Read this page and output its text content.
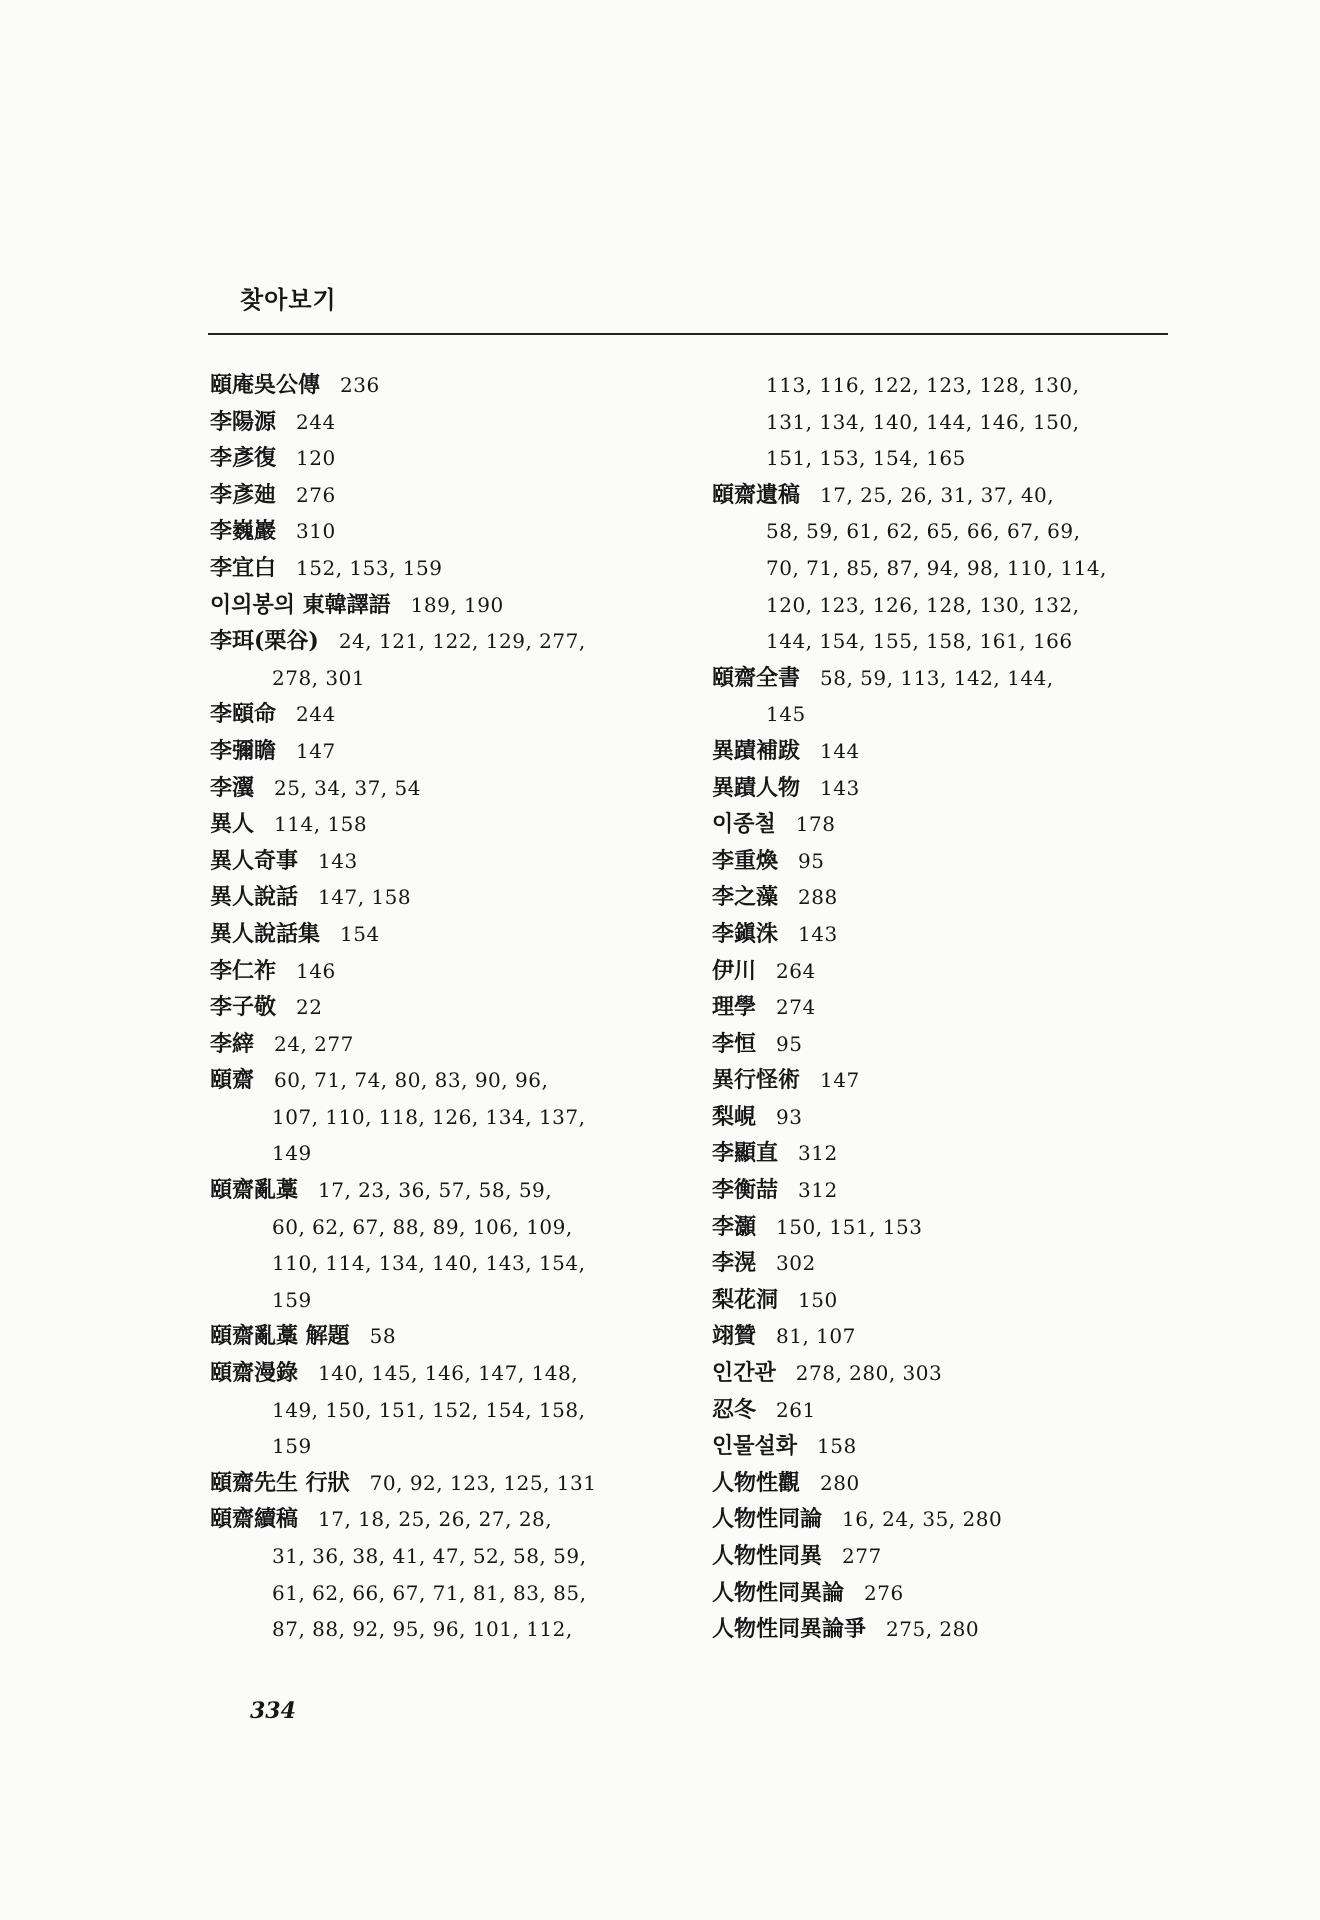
찾아보기
頤庵吳公傳 236
李陽源 244
李彥復 120
李彥廸 276
李巍巖 310
李宜白 152, 153, 159
이의봉의 東韓譯語 189, 190
李珥(栗谷) 24, 121, 122, 129, 277,
278, 301
李頤命 244
李彌瞻 147
李瀷 25, 34, 37, 54
異人 114, 158
異人奇事 143
異人說話 147, 158
異人說話集 154
李仁祚 146
李子敬 22
李縡 24, 277
頤齋 60, 71, 74, 80, 83, 90, 96,
107, 110, 118, 126, 134, 137,
149
頤齋亂藁 17, 23, 36, 57, 58, 59,
60, 62, 67, 88, 89, 106, 109,
110, 114, 134, 140, 143, 154,
159
頤齋亂藁 解題 58
頤齋漫錄 140, 145, 146, 147, 148,
149, 150, 151, 152, 154, 158,
159
頤齋先生 行狀 70, 92, 123, 125, 131
頤齋續稿 17, 18, 25, 26, 27, 28,
31, 36, 38, 41, 47, 52, 58, 59,
61, 62, 66, 67, 71, 81, 83, 85,
87, 88, 92, 95, 96, 101, 112,
113, 116, 122, 123, 128, 130,
131, 134, 140, 144, 146, 150,
151, 153, 154, 165
頤齋遺稿 17, 25, 26, 31, 37, 40,
58, 59, 61, 62, 65, 66, 67, 69,
70, 71, 85, 87, 94, 98, 110, 114,
120, 123, 126, 128, 130, 132,
144, 154, 155, 158, 161, 166
頤齋全書 58, 59, 113, 142, 144,
145
異蹟補跋 144
異蹟人物 143
이종철 178
李重煥 95
李之藻 288
李鎭洙 143
伊川 264
理學 274
李恒 95
異行怪術 147
梨峴 93
李顯直 312
李衡喆 312
李灝 150, 151, 153
李滉 302
梨花洞 150
翊贊 81, 107
인간관 278, 280, 303
忍冬 261
인물설화 158
人物性觀 280
人物性同論 16, 24, 35, 280
人物性同異 277
人物性同異論 276
人物性同異論爭 275, 280
334
